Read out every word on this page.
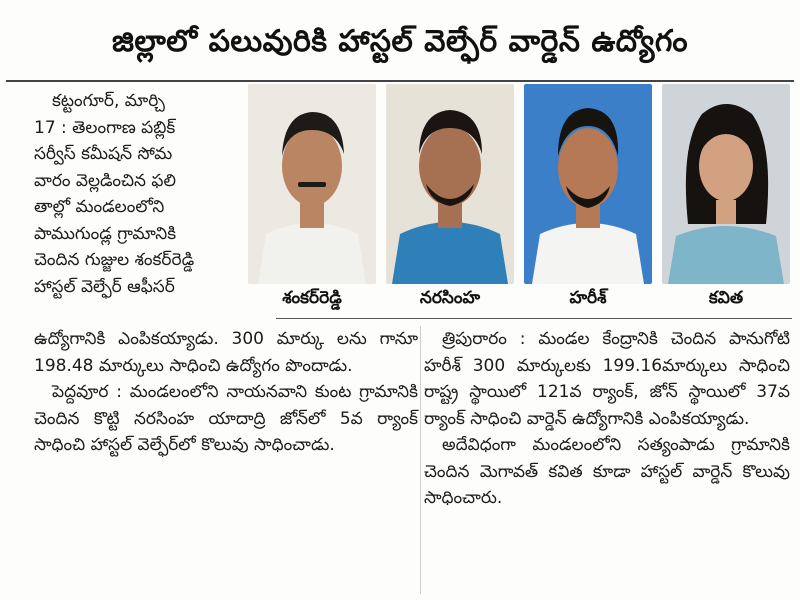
జిల్లాలో పలువురికి హాస్టల్ వెల్ఫేర్ వార్డెన్ ఉద్యోగం

కట్టంగూర్, మార్చి

17 : తెలంగాణ పబ్లిక్

సర్వీస్ కమీషన్ సోమ

వారం వెల్లడించిన ఫలి

తాల్లో మండలంలోని

పాముగుండ్ల గ్రామానికి

చెందిన గుజ్జుల శంకర్‌రెడ్డి

హాస్టల్ వెల్ఫేర్ ఆఫీసర్

శంకర్‌రెడ్డి	నరసింహ	హరీశ్	కవిత

ఉద్యోగానికి ఎంపికయ్యాడు. 300 మార్కు లను గానూ 198.48 మార్కులు సాధించి ఉద్యోగం పొందాడు.

పెద్దవూర : మండలంలోని నాయనవాని కుంట గ్రామానికి చెందిన కొట్టి నరసింహ యాదాద్రి జోన్‌లో 5వ ర్యాంక్ సాధించి హాస్టల్ వెల్ఫేర్‌లో కొలువు సాధించాడు.

త్రిపురారం : మండల కేంద్రానికి చెందిన పానుగోటి హరీశ్ 300 మార్కులకు 199.16మార్కులు సాధించి రాష్ట్ర స్థాయిలో 121వ ర్యాంక్, జోన్ స్థాయిలో 37వ ర్యాంక్ సాధించి వార్డెన్ ఉద్యోగానికి ఎంపికయ్యాడు.

అదేవిధంగా మండలంలోని సత్యంపాడు గ్రామానికి చెందిన మెగావత్ కవిత కూడా హాస్టల్ వార్డెన్ కొలువు సాధించారు.
